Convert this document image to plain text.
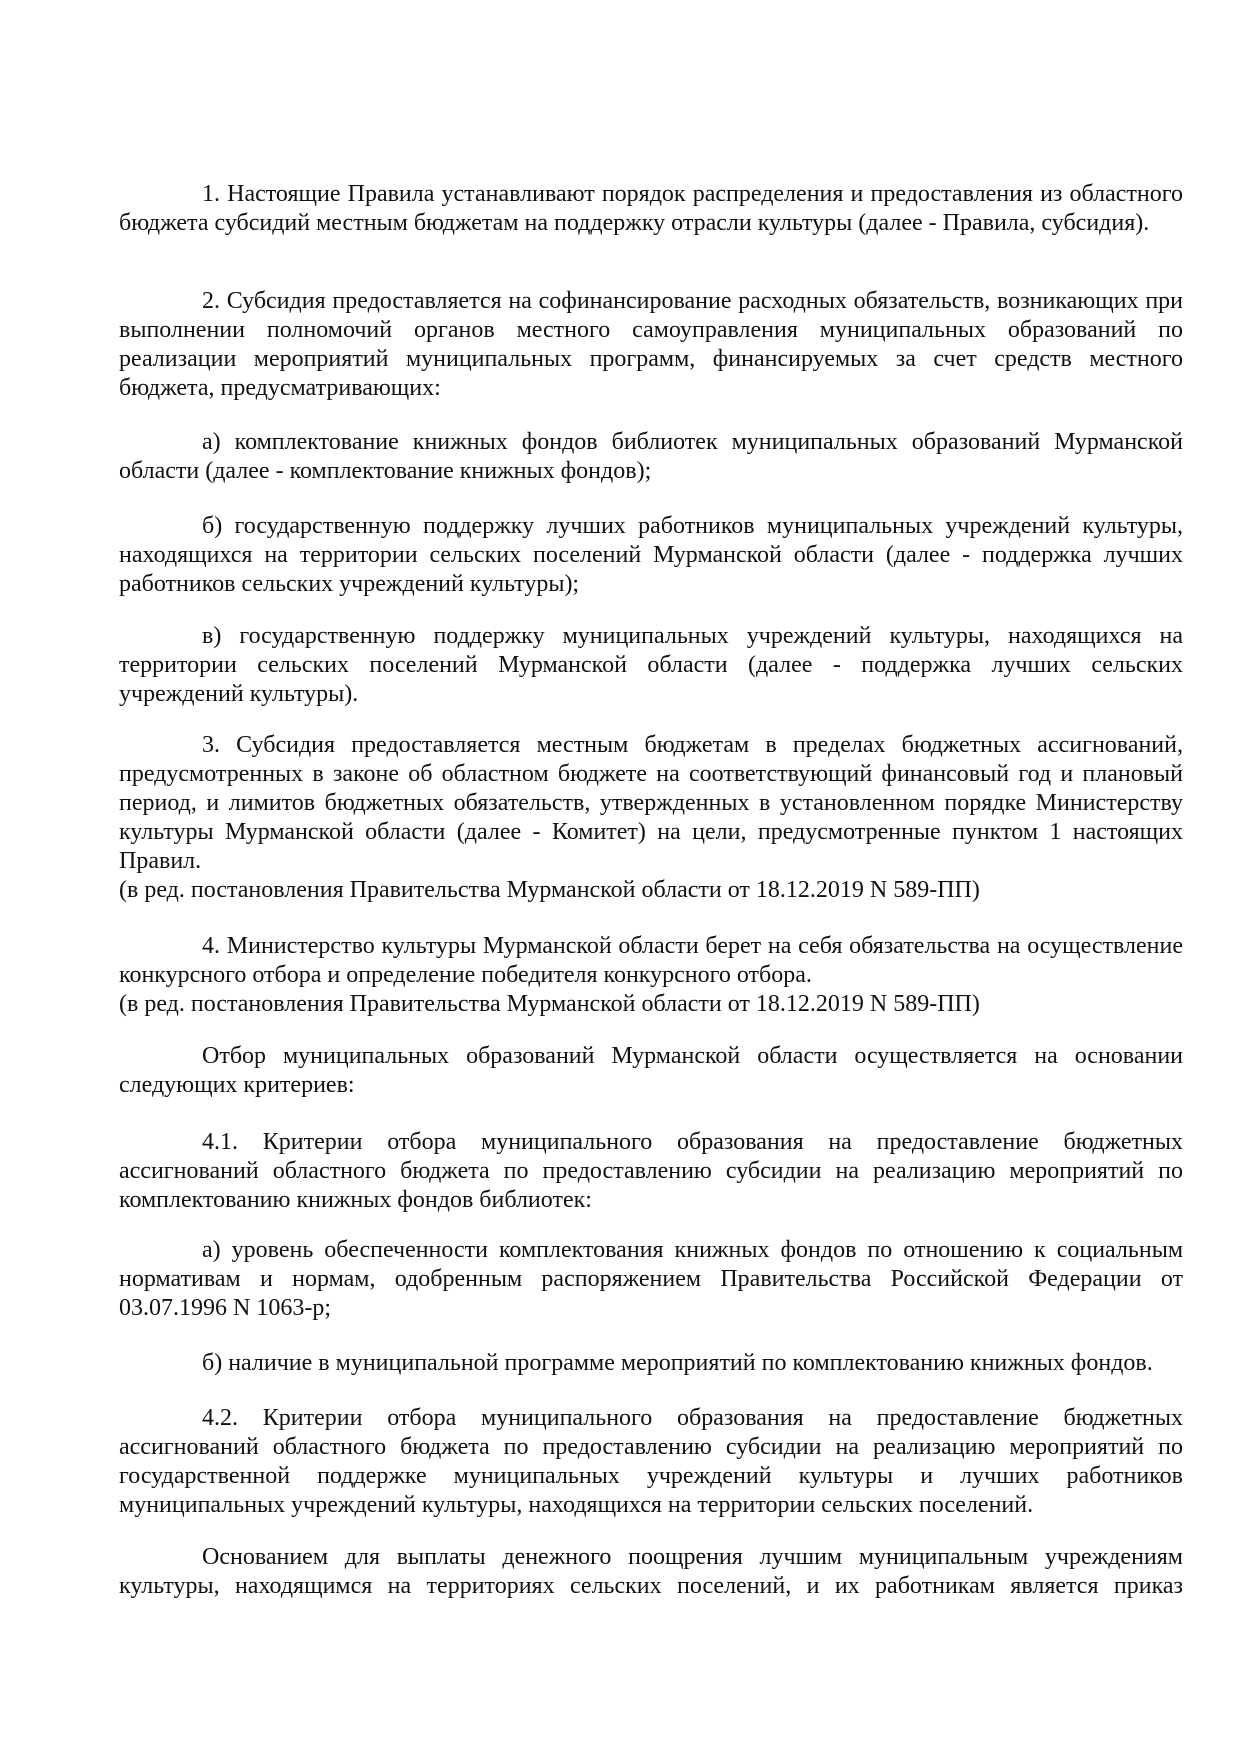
1. Настоящие Правила устанавливают порядок распределения и предоставления из областного бюджета субсидий местным бюджетам на поддержку отрасли культуры (далее - Правила, субсидия).

2. Субсидия предоставляется на софинансирование расходных обязательств, возникающих при выполнении полномочий органов местного самоуправления муниципальных образований по реализации мероприятий муниципальных программ, финансируемых за счет средств местного бюджета, предусматривающих:

а) комплектование книжных фондов библиотек муниципальных образований Мурманской области (далее - комплектование книжных фондов);

б) государственную поддержку лучших работников муниципальных учреждений культуры, находящихся на территории сельских поселений Мурманской области (далее - поддержка лучших работников сельских учреждений культуры);

в) государственную поддержку муниципальных учреждений культуры, находящихся на территории сельских поселений Мурманской области (далее - поддержка лучших сельских учреждений культуры).

3. Субсидия предоставляется местным бюджетам в пределах бюджетных ассигнований, предусмотренных в законе об областном бюджете на соответствующий финансовый год и плановый период, и лимитов бюджетных обязательств, утвержденных в установленном порядке Министерству культуры Мурманской области (далее - Комитет) на цели, предусмотренные пунктом 1 настоящих Правил.

(в ред. постановления Правительства Мурманской области от 18.12.2019 N 589-ПП)

4. Министерство культуры Мурманской области берет на себя обязательства на осуществление конкурсного отбора и определение победителя конкурсного отбора.

(в ред. постановления Правительства Мурманской области от 18.12.2019 N 589-ПП)

Отбор муниципальных образований Мурманской области осуществляется на основании следующих критериев:

4.1. Критерии отбора муниципального образования на предоставление бюджетных ассигнований областного бюджета по предоставлению субсидии на реализацию мероприятий по комплектованию книжных фондов библиотек:

а) уровень обеспеченности комплектования книжных фондов по отношению к социальным нормативам и нормам, одобренным распоряжением Правительства Российской Федерации от 03.07.1996 N 1063-р;

б) наличие в муниципальной программе мероприятий по комплектованию книжных фондов.

4.2. Критерии отбора муниципального образования на предоставление бюджетных ассигнований областного бюджета по предоставлению субсидии на реализацию мероприятий по государственной поддержке муниципальных учреждений культуры и лучших работников муниципальных учреждений культуры, находящихся на территории сельских поселений.

Основанием для выплаты денежного поощрения лучшим муниципальным учреждениям культуры, находящимся на территориях сельских поселений, и их работникам является приказ
